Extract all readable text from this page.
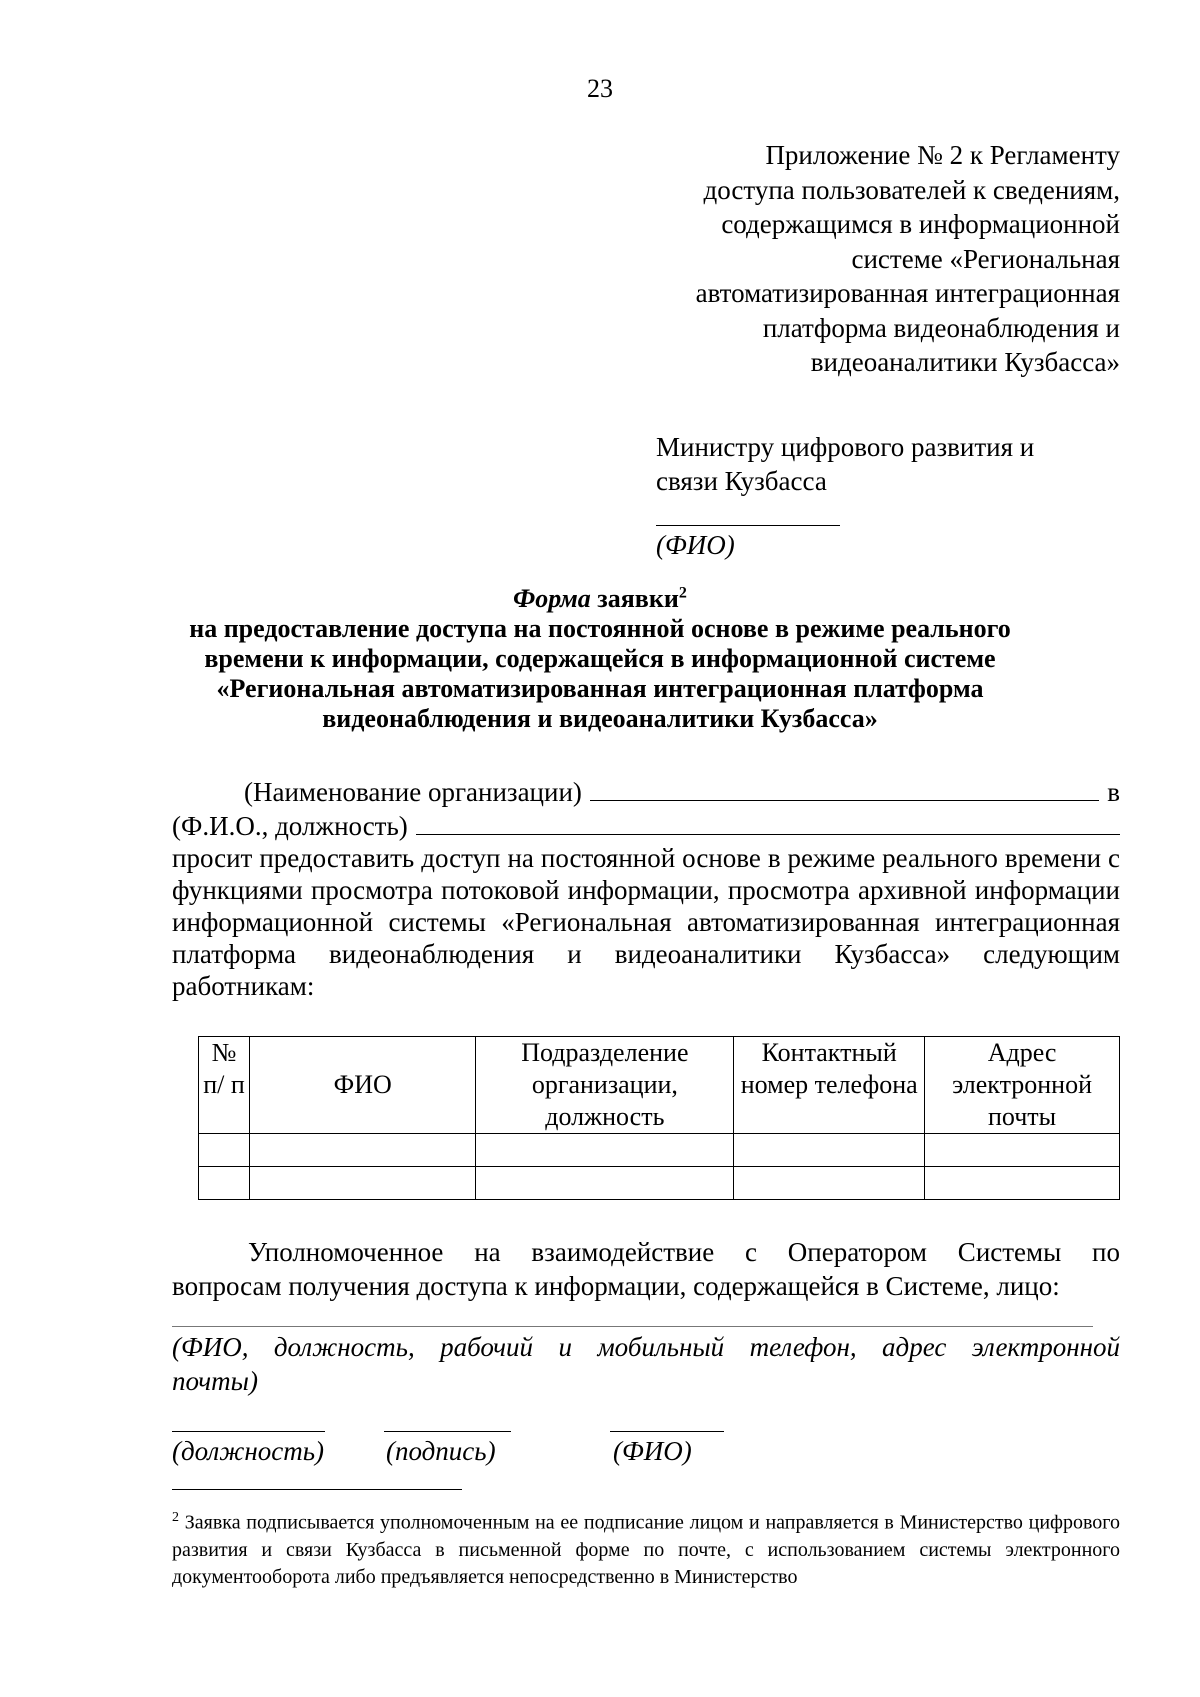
23
Приложение № 2 к Регламенту
доступа пользователей к сведениям,
содержащимся в информационной
системе «Региональная
автоматизированная интеграционная
платформа видеонаблюдения и
видеоаналитики Кузбасса»
Министру цифрового развития и
связи Кузбасса
(ФИО)
Форма заявки$^2$
на предоставление доступа на постоянной основе в режиме реального
времени к информации, содержащейся в информационной системе
«Региональная автоматизированная интеграционная платформа
видеонаблюдения и видеоаналитики Кузбасса»
(Наименование организации)	в
(Ф.И.О., должность)
просит предоставить доступ на постоянной основе в режиме реального времени с функциями просмотра потоковой информации, просмотра архивной информации информационной системы «Региональная автоматизированная интеграционная платформа видеонаблюдения и видеоаналитики Кузбасса» следующим работникам:
№ п/ п	ФИО	Подразделение организации, должность	Контактный номер телефона	Адрес электронной почты

Уполномоченное на взаимодействие с Оператором Системы по
вопросам получения доступа к информации, содержащейся в Системе, лицо:
(ФИО, должность, рабочий и мобильный телефон, адрес электронной
почты)
(должность) (подпись)	(ФИО)
$^2$ Заявка подписывается уполномоченным на ее подписание лицом и направляется в Министерство цифрового развития и связи Кузбасса в письменной форме по почте, с использованием системы электронного документооборота либо предъявляется непосредственно в Министерство
